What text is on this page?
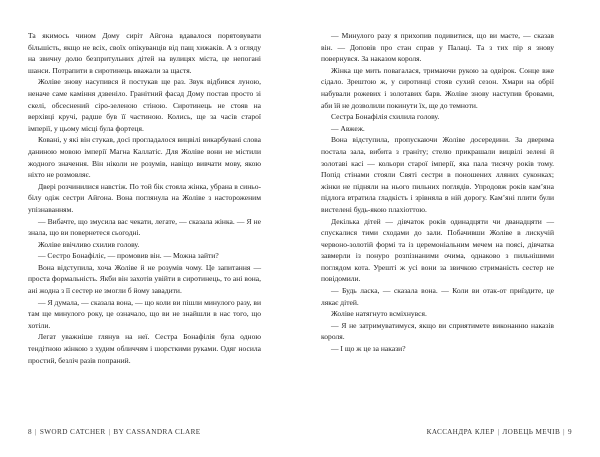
Та якимось чином Дому сиріт Айгона вдавалося порятовувати більшість, якщо не всіх, своїх опікуванців від пащ хижаків. А з огляду на звичну долю безпритульних дітей на вулицях міста, це непогані шанси. Потрапити в сиротинець вважали за щастя.

Жоліве знову насупився й постукав ще раз. Звук відбився луною, неначе саме каміння дзвеніло. Гранітний фасад Дому постав просто зі скелі, обсеснений сіро-зеленою стіною. Сиротинець не стояв на верхівці кручі, радше був її частиною. Колись, ще за часів старої імперії, у цьому місці була фортеця.

Ковані, у які він стукав, досі прогладалося вицвілі викарбувані слова даниною мовою імперії Магна Каллатіс. Для Жоліве вони не містили жодного значення. Він ніколи не розумів, навіщо вивчати мову, якою ніхто не розмовляє.

Двері розчинилися навстіж. По той бік стояла жінка, убрана в синьо-білу одіж сестри Айгона. Вона поглянула на Жоліве з настороженим упізнаванням.

— Вибачте, що змусила вас чекати, легате, — сказала жінка. — Я не знала, що ви повернетеся сьогодні.

Жоліве ввічливо схилив голову.

— Сестро Бонафіліє, — промовив він. — Можна зайти?

Вона відступила, хоча Жоліве й не розумів чому. Це запитання — проста формальність. Якби він захотів увійти в сиротинець, то ані вона, ані жодна з її сестер не змогли б йому завадити.

— Я думала, — сказала вона, — що коли ви пішли минулого разу, ви там ще минулого року, це означало, що ви не знайшли в нас того, що хотіли.

Легат уважніше глянув на неї. Сестра Бонафілія була одною тендітною жінкою з худим обличчям і шорсткими руками. Одяг носила простий, безліч разів попраний.

— Минулого разу я прихопив подивитися, що ви маєте, — сказав він. — Доповів про стан справ у Палаці. Та з тих пір я знову повернувся. За наказом короля.

Жінка ще мить повагалася, тримаючи рукою за одвірок. Сонце вже сідало. Зрештою ж, у сиротинці стояв сухий сезон. Хмари на обрії набували рожевих і золотавих барв. Жоліве знову наступив бровами, аби їй не дозволили покинути їх, ще до темноти.

Сестра Бонафілія схилила голову.

— Авжеж.

Вона відступила, пропускаючи Жоліве досередини. За дверима постала зала, вибита з граніту; стелю прикрашали вицвілі зелені й золотаві касі — кольори старої імперії, яка пала тисячу років тому. Попід стінами стояли Святі сестри в поношених лляних суконках; жінки не підняли на нього пильних поглядів. Упродовж років кам’яна підлога втратила гладкість і зрівняла в ній дорогу. Кам’яні плити були вистелені будь-якою плахіоттою.

Декілька дітей — дівчаток років одинадцяти чи дванадцяти — спускалися тими сходами до зали. Побачивши Жоліве в лискучій червоно-золотій формі та із церемоніальним мечем на поясі, дівчатка завмерли із понуро розпізнаними очима, однаково з пильнішими поглядом кота. Урешті ж усі вони за звичкою стриманість сестер не повідомили.

— Будь ласка, — сказала вона. — Коли ви отак-от приїздите, це лякає дітей.

Жоліве натягнуто всміхнувся.

— Я не затримуватимуся, якщо ви сприятимете виконанню наказів короля.

— І що ж це за накази?

8 | SWORD CATCHER | BY CASSANDRA CLARE	КАССАНДРА КЛЕР | ЛОВЕЦЬ МЕЧІВ | 9
